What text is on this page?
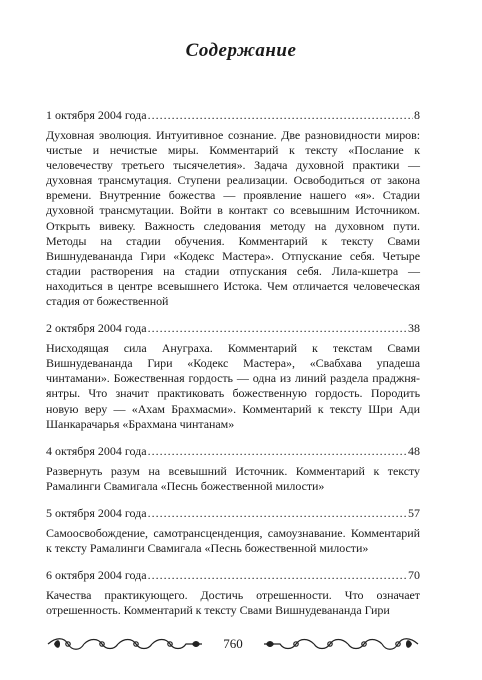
Содержание
1 октября 2004 года .....	8
Духовная эволюция. Интуитивное сознание. Две разновидности миров: чистые и нечистые миры. Комментарий к тексту «Послание к человечеству третьего тысячелетия». Задача духовной практики — духовная трансмутация. Ступени реализации. Освободиться от закона времени. Внутренние божества — проявление нашего «я». Стадии духовной трансмутации. Войти в контакт со всевышним Источником. Открыть вивеку. Важность следования методу на духовном пути. Методы на стадии обучения. Комментарий к тексту Свами Вишнудевананда Гири «Кодекс Мастера». Отпускание себя. Четыре стадии растворения на стадии отпускания себя. Лила-кшетра — находиться в центре всевышнего Истока. Чем отличается человеческая стадия от божественной
2 октября 2004 года .....	38
Нисходящая сила Ануграха. Комментарий к текстам Свами Вишнудевананда Гири «Кодекс Мастера», «Свабхава упадеша чинтамани». Божественная гордость — одна из линий раздела праджня-янтры. Что значит практиковать божественную гордость. Породить новую веру — «Ахам Брахмасми». Комментарий к тексту Шри Ади Шанкарачарья «Брахмана чинтанам»
4 октября 2004 года .....	48
Развернуть разум на всевышний Источник. Комментарий к тексту Рамалинги Свамигала «Песнь божественной милости»
5 октября 2004 года .....	57
Самоосвобождение, самотрансценденция, самоузнавание. Комментарий к тексту Рамалинги Свамигала «Песнь божественной милости»
6 октября 2004 года .....	70
Качества практикующего. Достичь отрешенности. Что означает отрешенность. Комментарий к тексту Свами Вишнудевананда Гири
760
